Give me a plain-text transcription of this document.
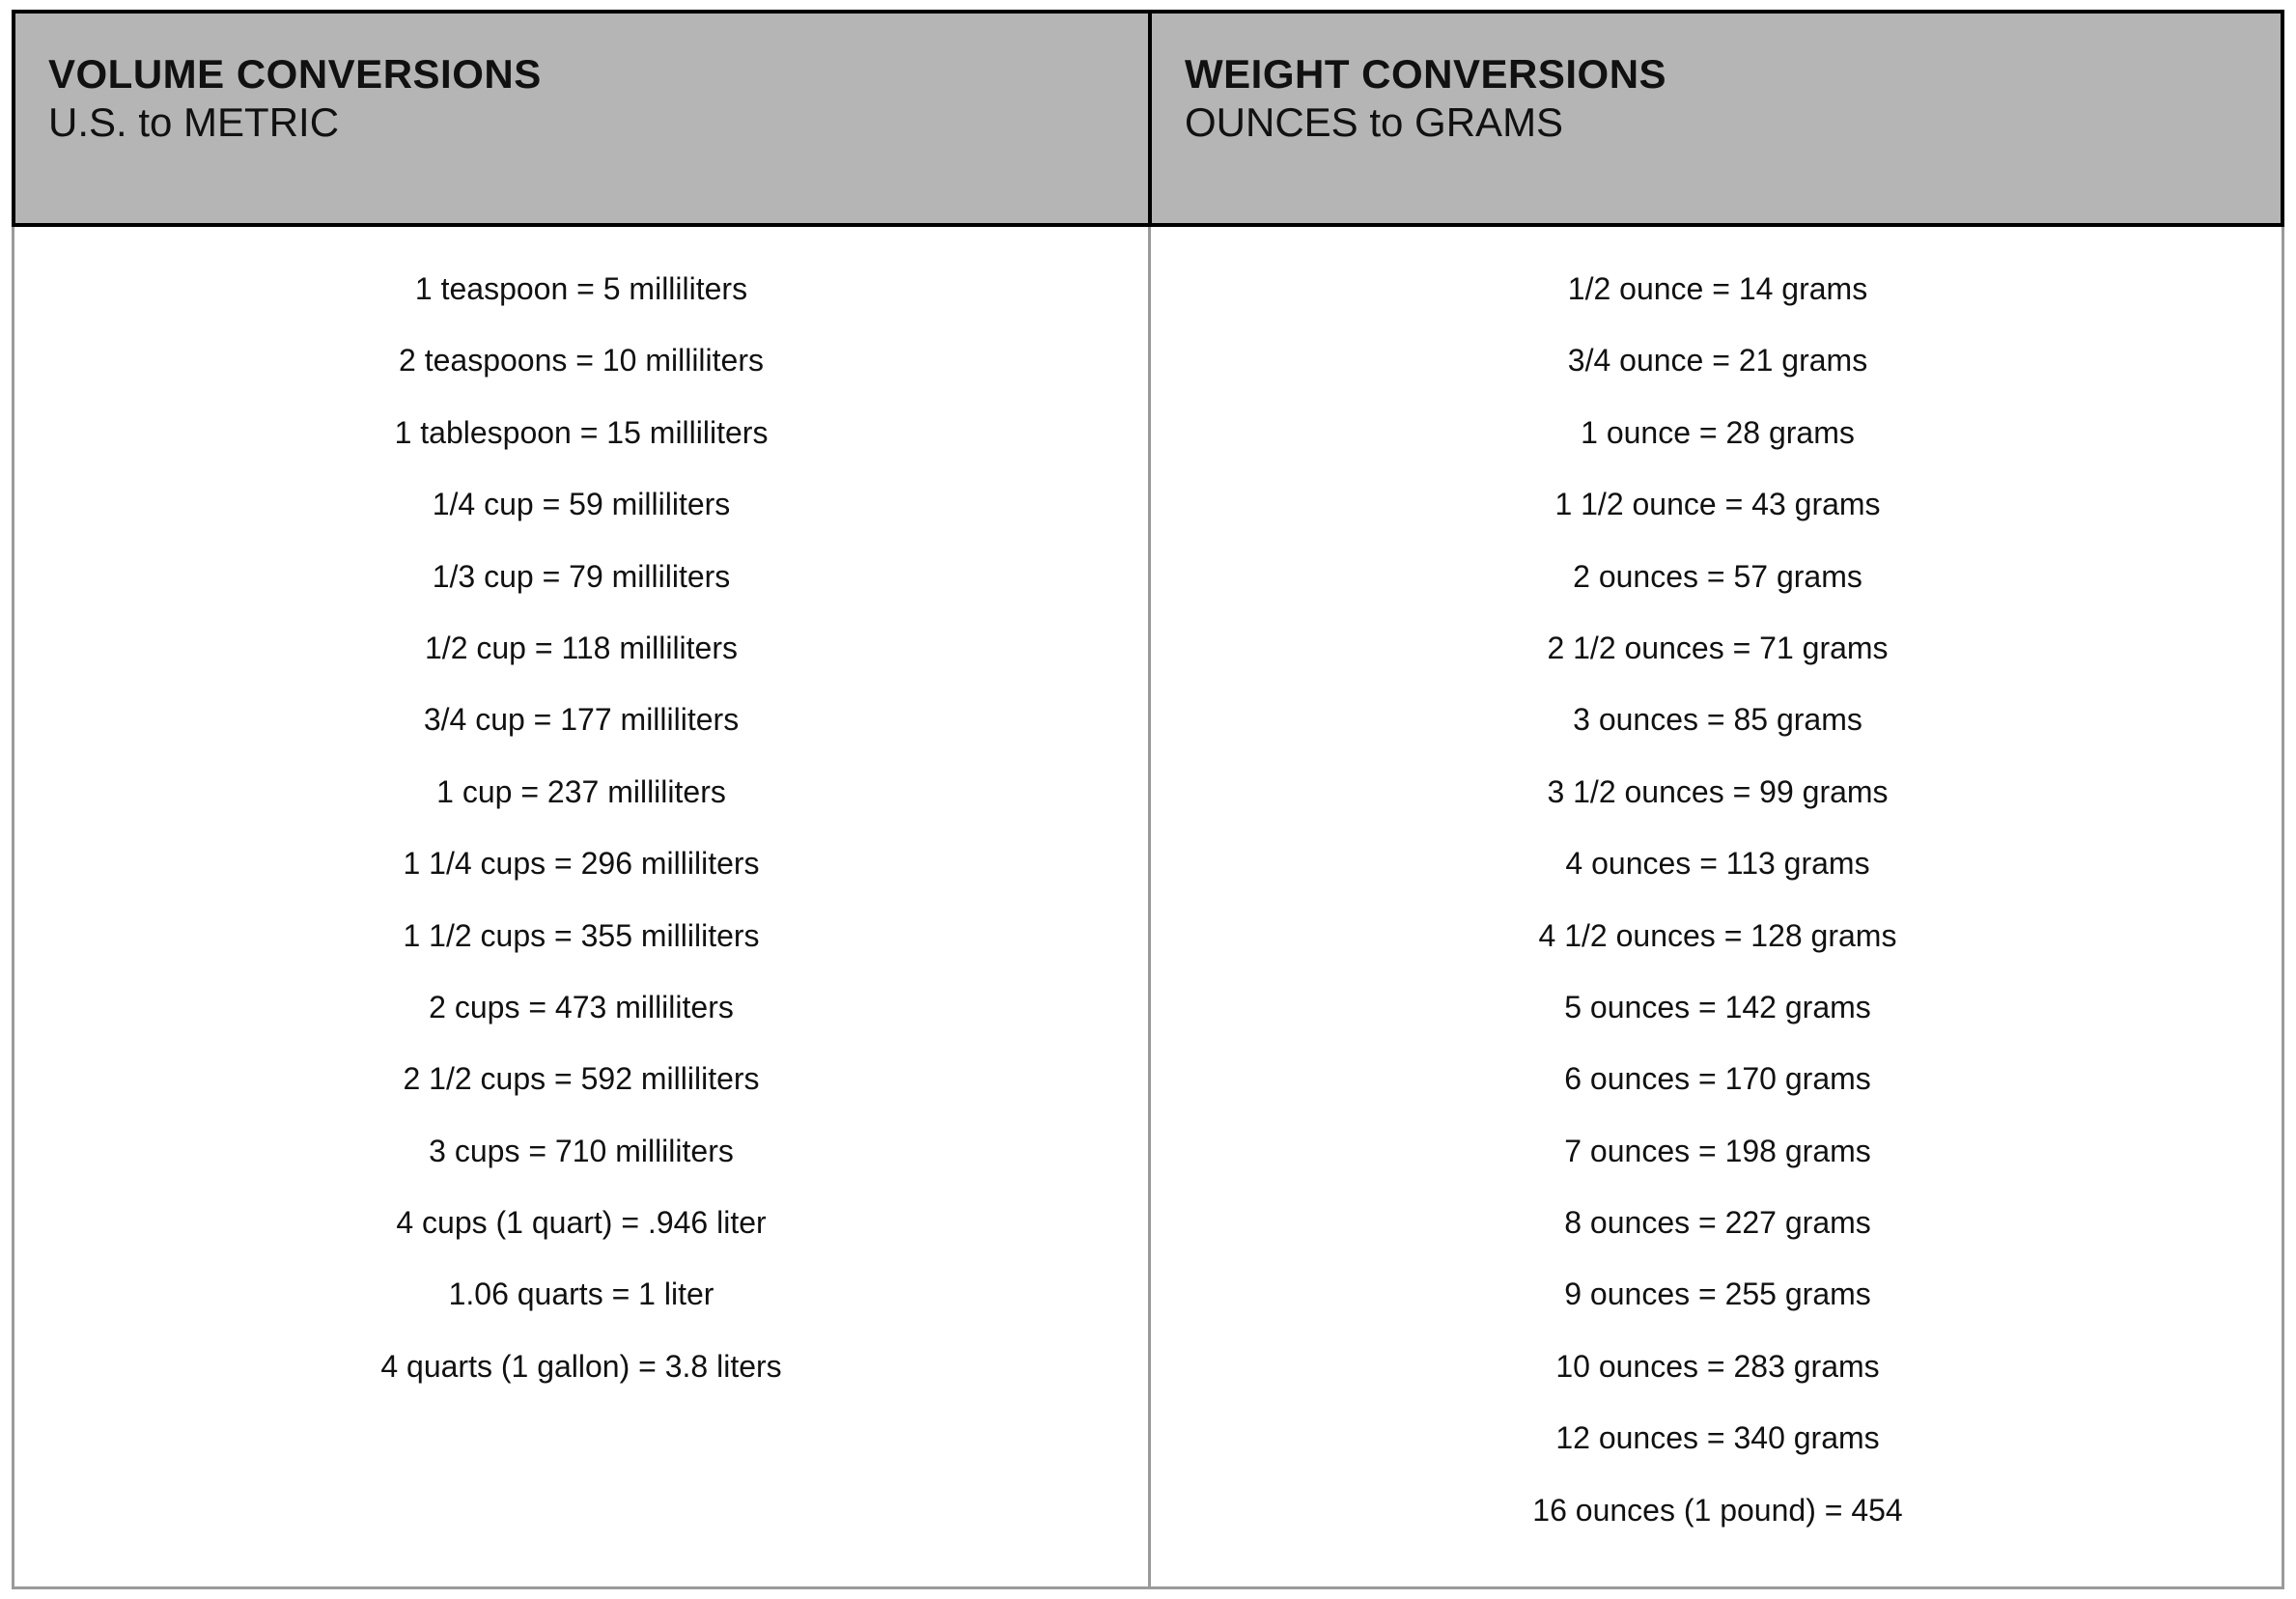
VOLUME CONVERSIONS
U.S. to METRIC
WEIGHT CONVERSIONS
OUNCES to GRAMS
1 teaspoon = 5 milliliters
2 teaspoons = 10 milliliters
1 tablespoon = 15 milliliters
1/4 cup = 59 milliliters
1/3 cup = 79 milliliters
1/2 cup = 118 milliliters
3/4 cup = 177 milliliters
1 cup = 237 milliliters
1 1/4 cups = 296 milliliters
1 1/2 cups = 355 milliliters
2 cups = 473 milliliters
2 1/2 cups = 592 milliliters
3 cups = 710 milliliters
4 cups (1 quart) = .946 liter
1.06 quarts = 1 liter
4 quarts (1 gallon) = 3.8 liters
1/2 ounce = 14 grams
3/4 ounce = 21 grams
1 ounce = 28 grams
1 1/2 ounce = 43 grams
2 ounces = 57 grams
2 1/2 ounces = 71 grams
3 ounces = 85 grams
3 1/2 ounces = 99 grams
4 ounces = 113 grams
4 1/2 ounces = 128 grams
5 ounces = 142 grams
6 ounces = 170 grams
7 ounces = 198 grams
8 ounces = 227 grams
9 ounces = 255 grams
10 ounces = 283 grams
12 ounces = 340 grams
16 ounces (1 pound) = 454
